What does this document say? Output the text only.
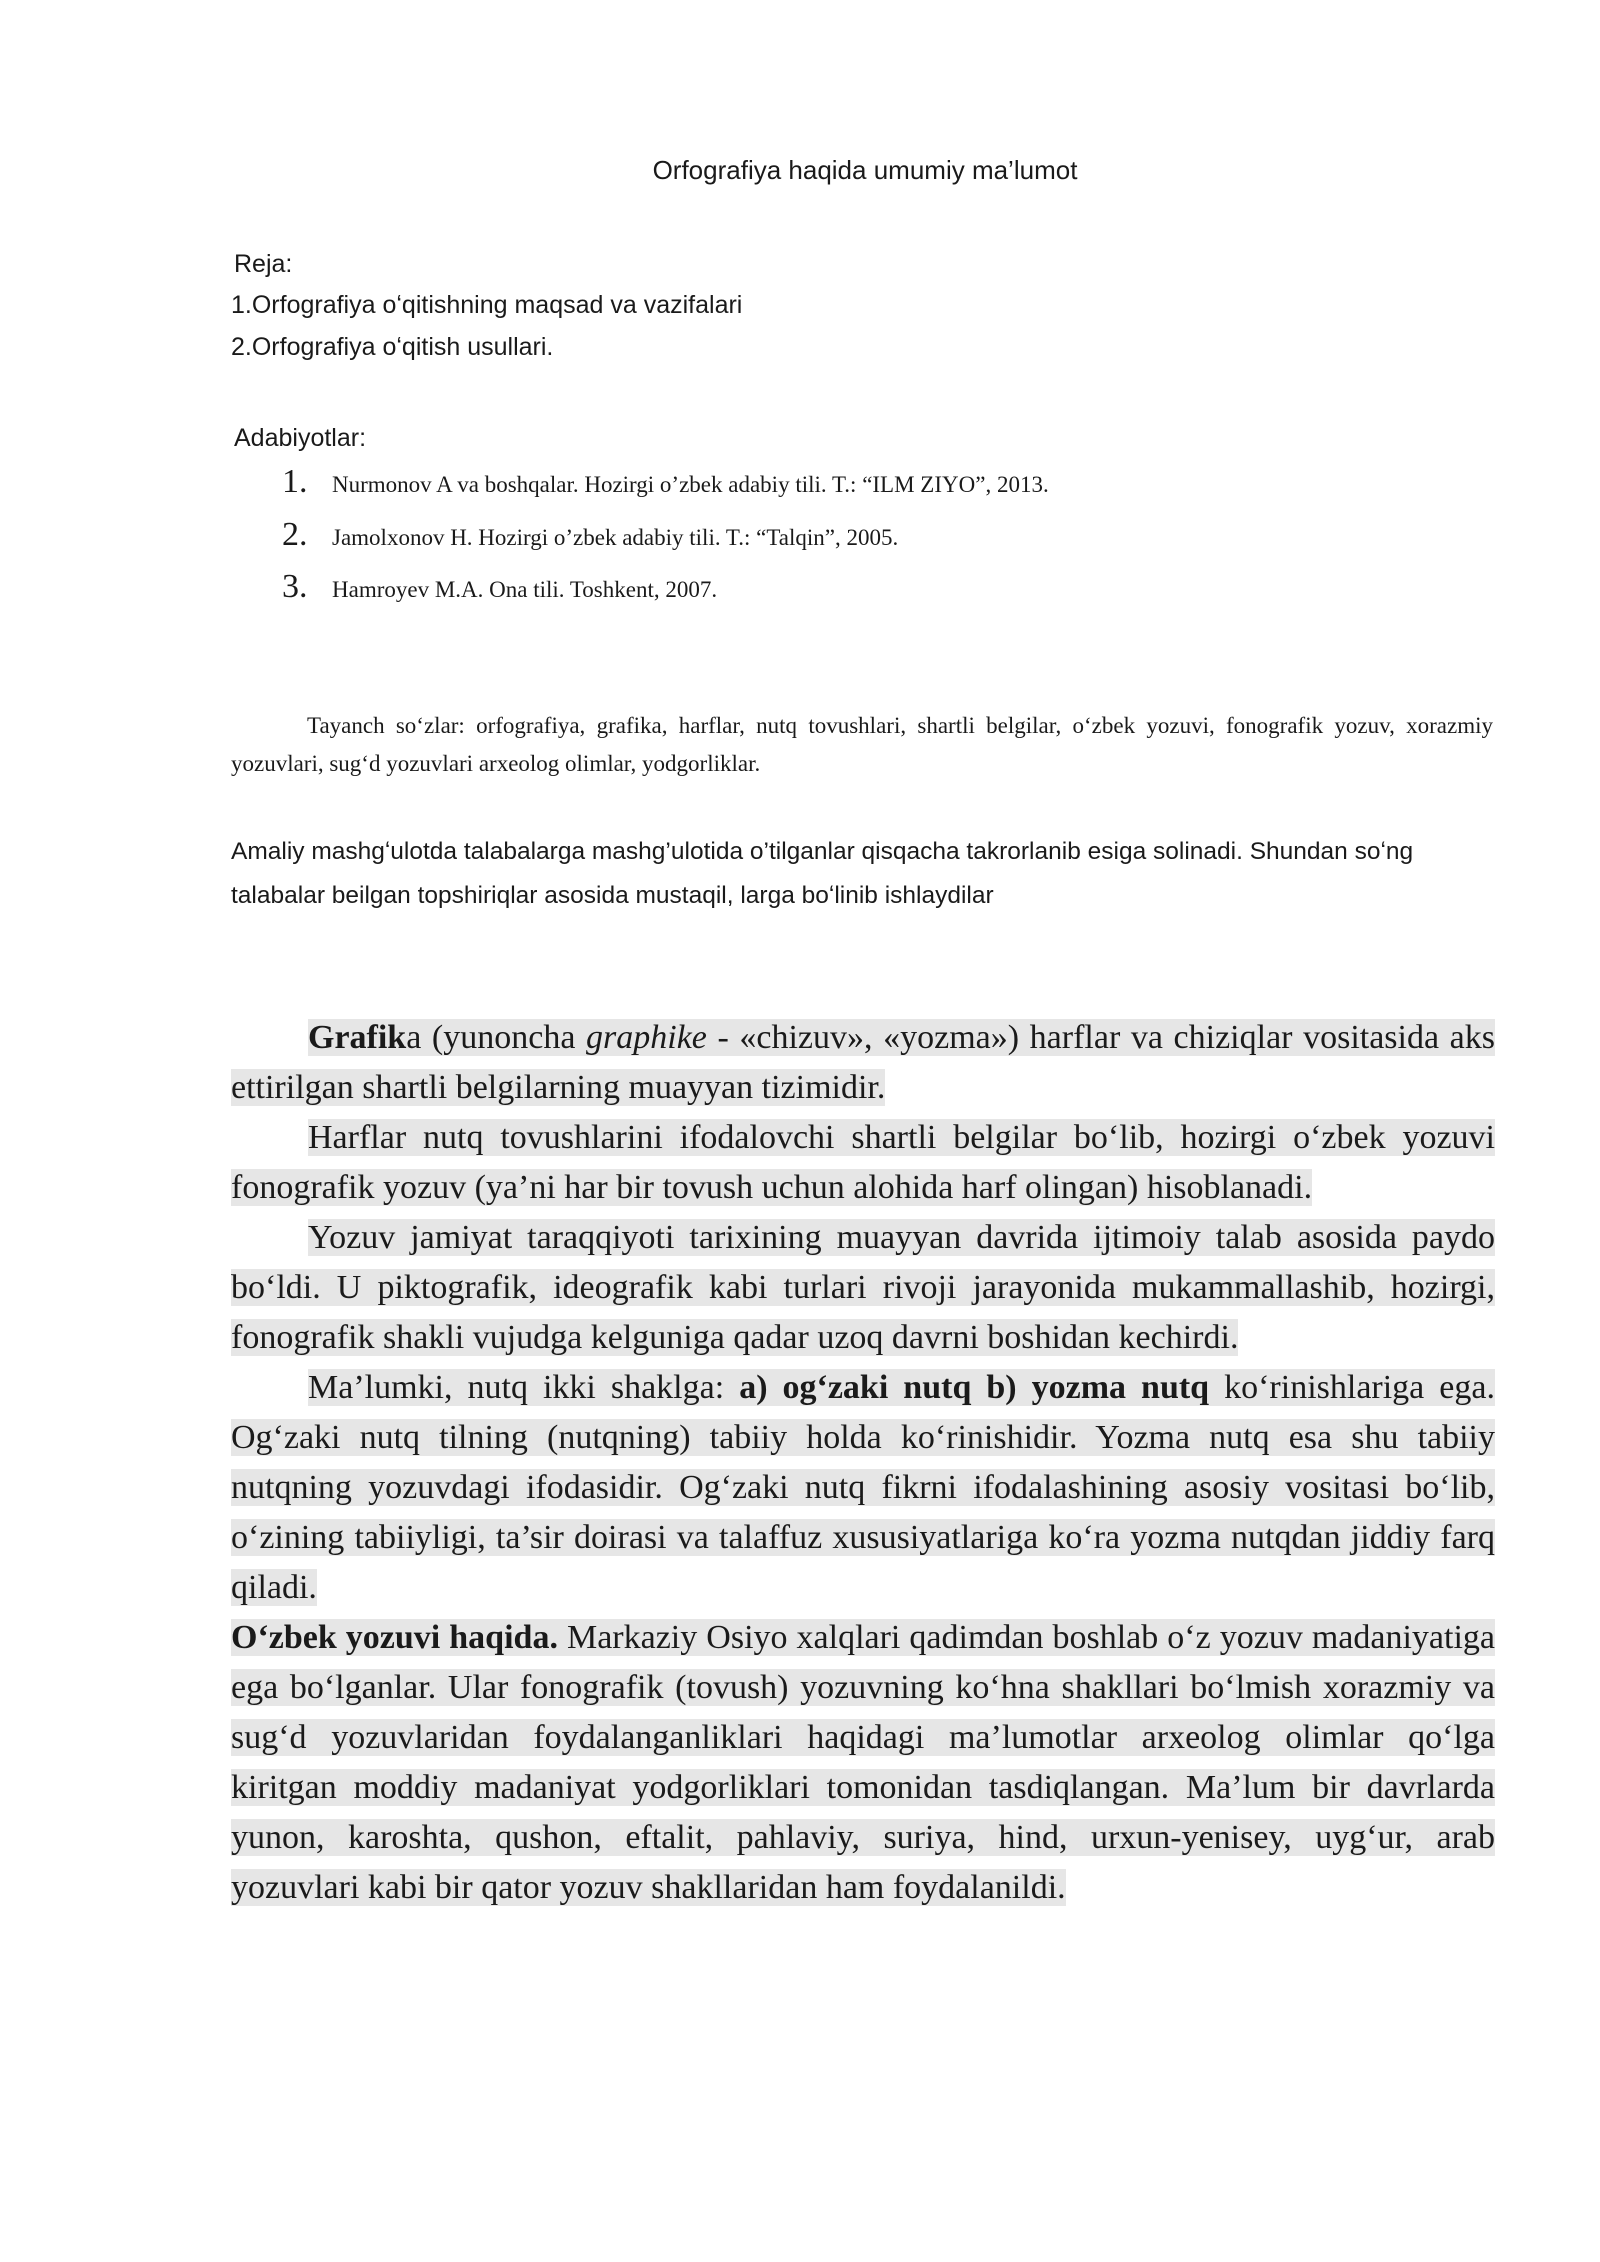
Orfografiya haqida umumiy ma’lumot
Reja:
1.Orfografiya oʻqitishning maqsad va vazifalari
2.Orfografiya oʻqitish usullari.
Adabiyotlar:
1. Nurmonov A va boshqalar. Hozirgi o’zbek adabiy tili. T.: “ILM ZIYO”, 2013.
2. Jamolxonov H. Hozirgi o’zbek adabiy tili. T.: “Talqin”, 2005.
3. Hamroyev M.A. Ona tili. Toshkent, 2007.

Tayanch soʻzlar: orfografiya, grafika, harflar, nutq tovushlari, shartli belgilar, oʻzbek yozuvi, fonografik yozuv, xorazmiy yozuvlari, sugʻd yozuvlari arxeolog olimlar, yodgorliklar.

Amaliy mashgʻulotda talabalarga mashg’ulotida o’tilganlar qisqacha takrorlanib esiga solinadi. Shundan soʻng talabalar beilgan topshiriqlar asosida mustaqil, larga boʻlinib ishlaydilar

Grafika (yunoncha graphike - «chizuv», «yozma») harflar va chiziqlar vositasida aks ettirilgan shartli belgilarning muayyan tizimidir.

Harflar nutq tovushlarini ifodalovchi shartli belgilar boʻlib, hozirgi oʻzbek yozuvi fonografik yozuv (ya’ni har bir tovush uchun alohida harf olingan) hisoblanadi.

Yozuv jamiyat taraqqiyoti tarixining muayyan davrida ijtimoiy talab asosida paydo boʻldi. U piktografik, ideografik kabi turlari rivoji jarayonida mukammallashib, hozirgi, fonografik shakli vujudga kelguniga qadar uzoq davrni boshidan kechirdi.

Ma’lumki, nutq ikki shaklga: a) ogʻzaki nutq b) yozma nutq koʻrinishlariga ega. Ogʻzaki nutq tilning (nutqning) tabiiy holda koʻrinishidir. Yozma nutq esa shu tabiiy nutqning yozuvdagi ifodasidir. Ogʻzaki nutq fikrni ifodalashining asosiy vositasi boʻlib, oʻzining tabiiyligi, ta’sir doirasi va talaffuz xususiyatlariga koʻra yozma nutqdan jiddiy farq qiladi.

Oʻzbek yozuvi haqida. Markaziy Osiyo xalqlari qadimdan boshlab oʻz yozuv madaniyatiga ega boʻlganlar. Ular fonografik (tovush) yozuvning koʻhna shakllari boʻlmish xorazmiy va sugʻd yozuvlaridan foydalanganliklari haqidagi ma’lumotlar arxeolog olimlar qoʻlga kiritgan moddiy madaniyat yodgorliklari tomonidan tasdiqlangan. Ma’lum bir davrlarda yunon, karoshta, qushon, eftalit, pahlaviy, suriya, hind, urxun-yenisey, uygʻur, arab yozuvlari kabi bir qator yozuv shakllaridan ham foydalanildi.
